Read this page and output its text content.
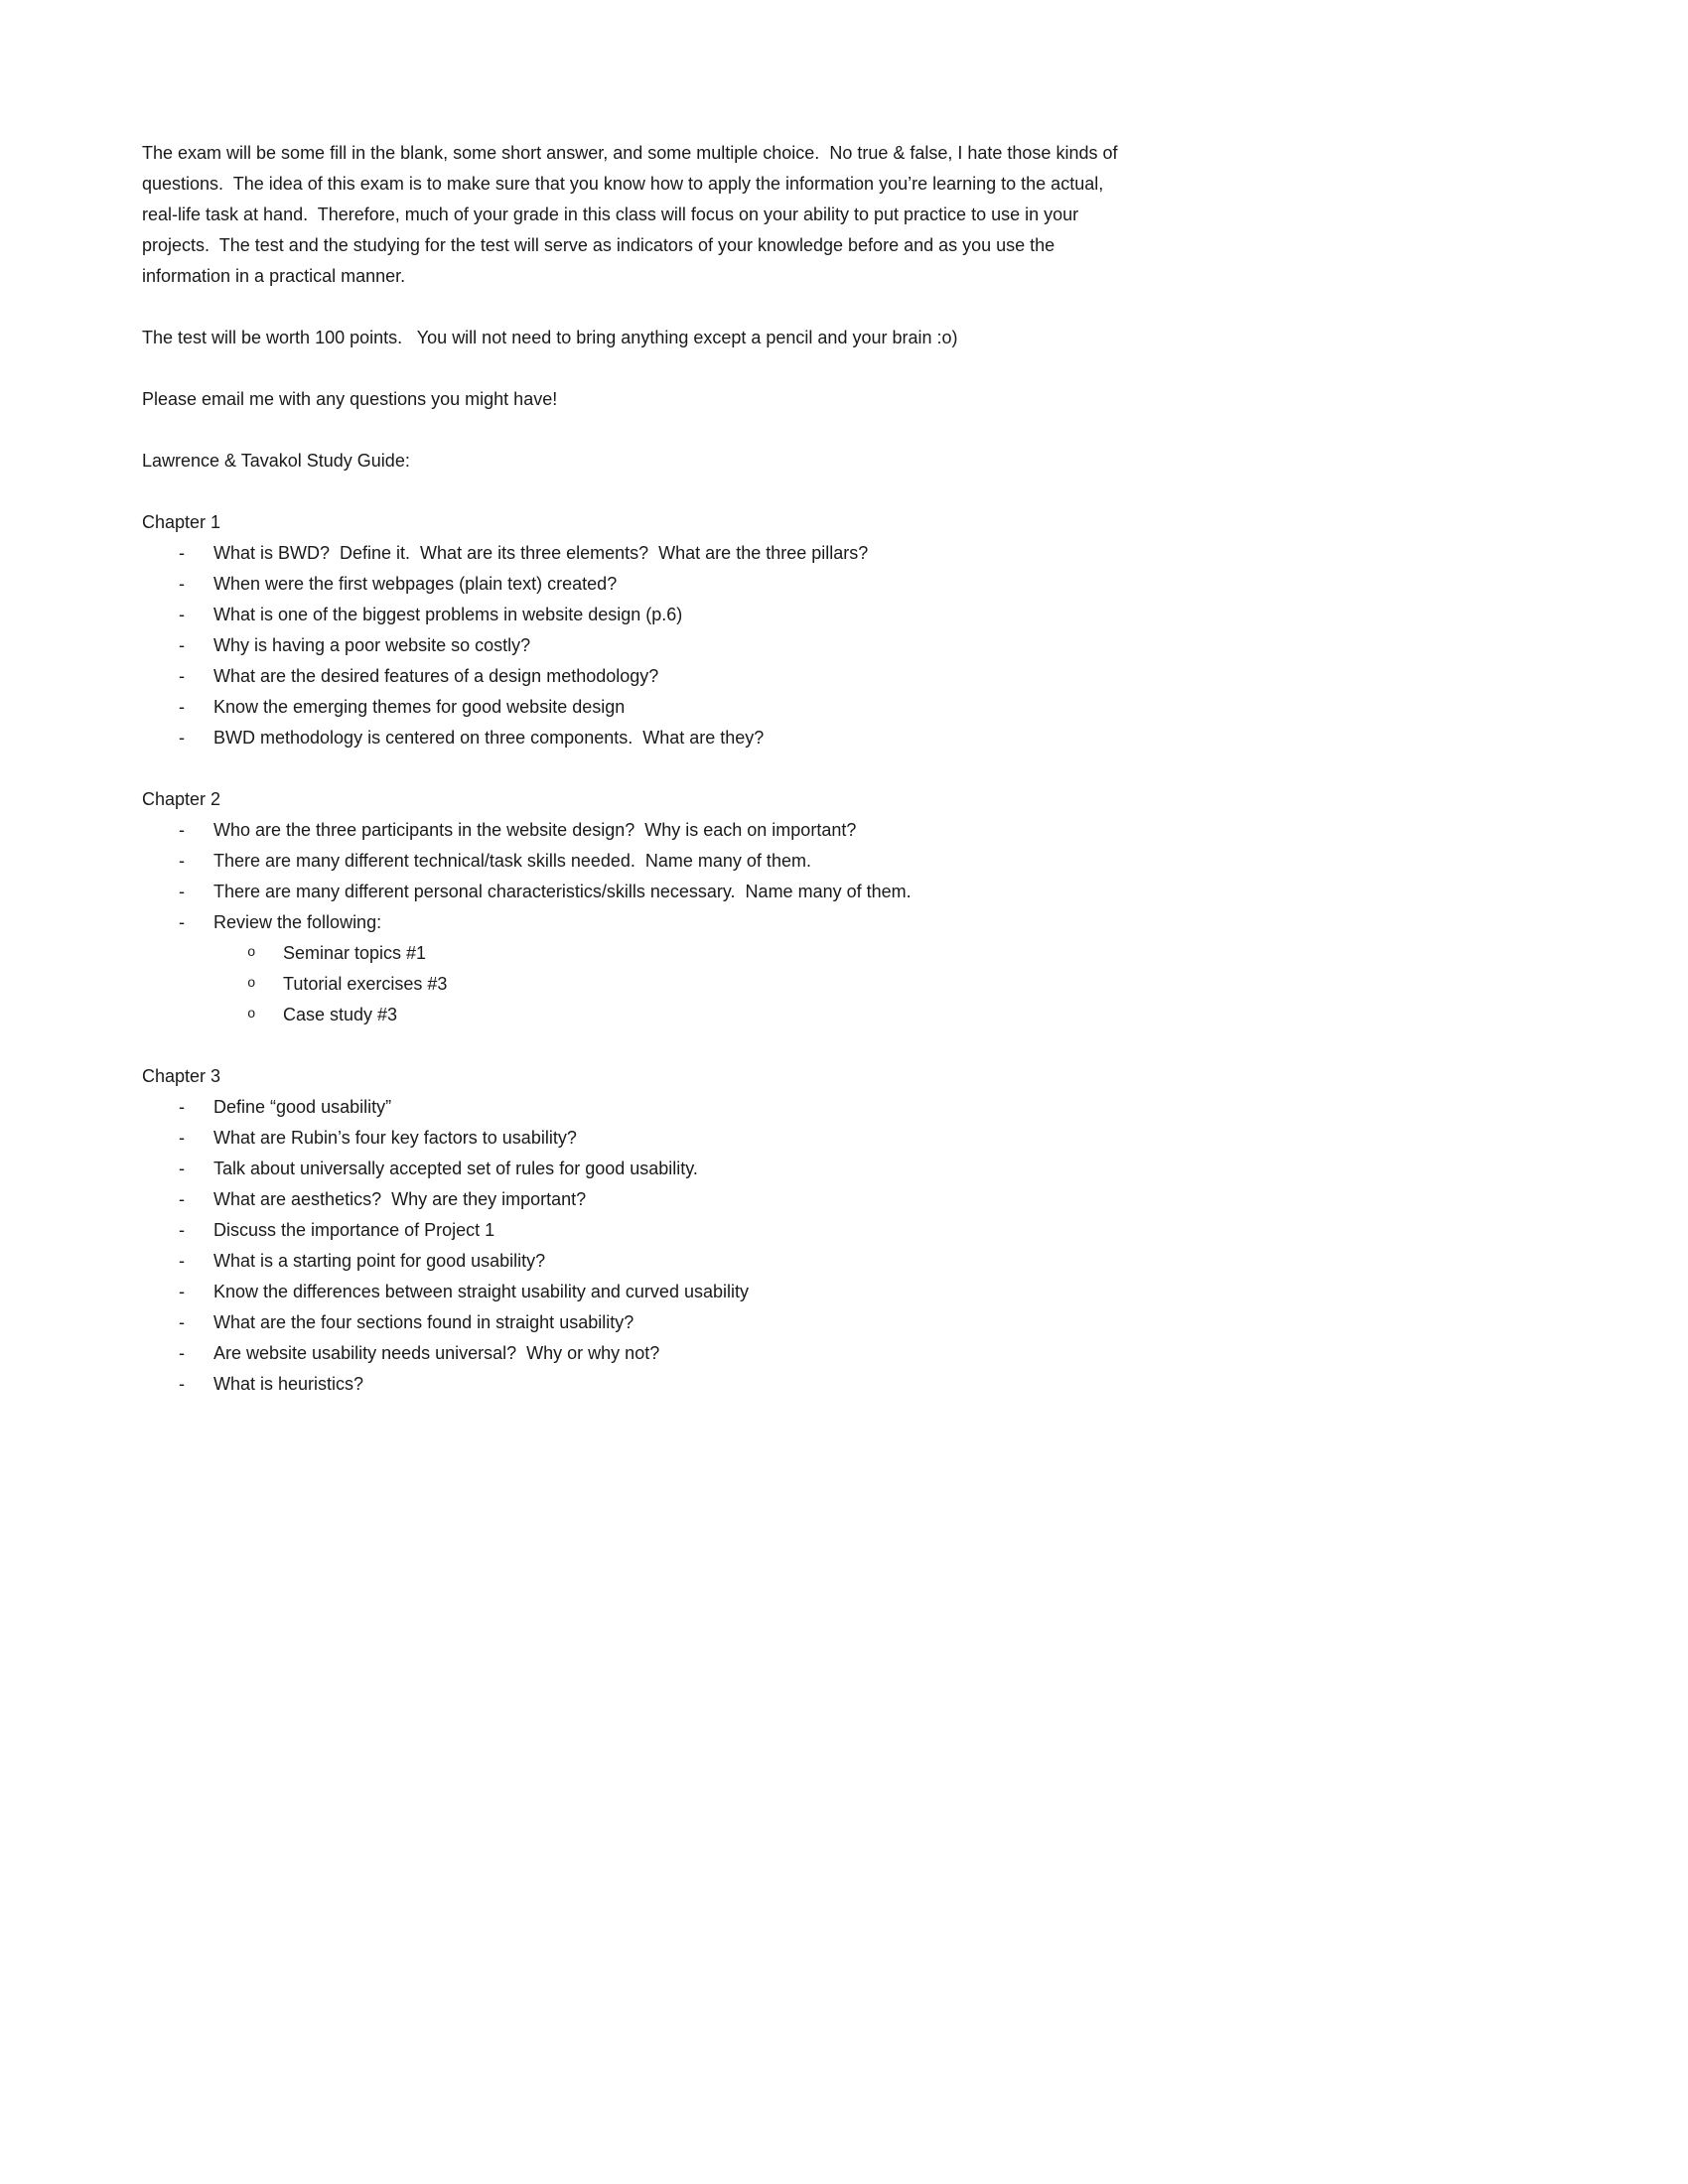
The exam will be some fill in the blank, some short answer, and some multiple choice.  No true & false, I hate those kinds of questions.  The idea of this exam is to make sure that you know how to apply the information you’re learning to the actual, real-life task at hand.  Therefore, much of your grade in this class will focus on your ability to put practice to use in your projects.  The test and the studying for the test will serve as indicators of your knowledge before and as you use the information in a practical manner.
The test will be worth 100 points.   You will not need to bring anything except a pencil and your brain :o)
Please email me with any questions you might have!
Lawrence & Tavakol Study Guide:
Chapter 1
- What is BWD?  Define it.  What are its three elements?  What are the three pillars?
- When were the first webpages (plain text) created?
- What is one of the biggest problems in website design (p.6)
- Why is having a poor website so costly?
- What are the desired features of a design methodology?
- Know the emerging themes for good website design
- BWD methodology is centered on three components.  What are they?
Chapter 2
- Who are the three participants in the website design?  Why is each on important?
- There are many different technical/task skills needed.  Name many of them.
- There are many different personal characteristics/skills necessary.  Name many of them.
- Review the following:
o Seminar topics #1
o Tutorial exercises #3
o Case study #3
Chapter 3
- Define “good usability”
- What are Rubin’s four key factors to usability?
- Talk about universally accepted set of rules for good usability.
- What are aesthetics?  Why are they important?
- Discuss the importance of Project 1
- What is a starting point for good usability?
- Know the differences between straight usability and curved usability
- What are the four sections found in straight usability?
- Are website usability needs universal?  Why or why not?
- What is heuristics?
